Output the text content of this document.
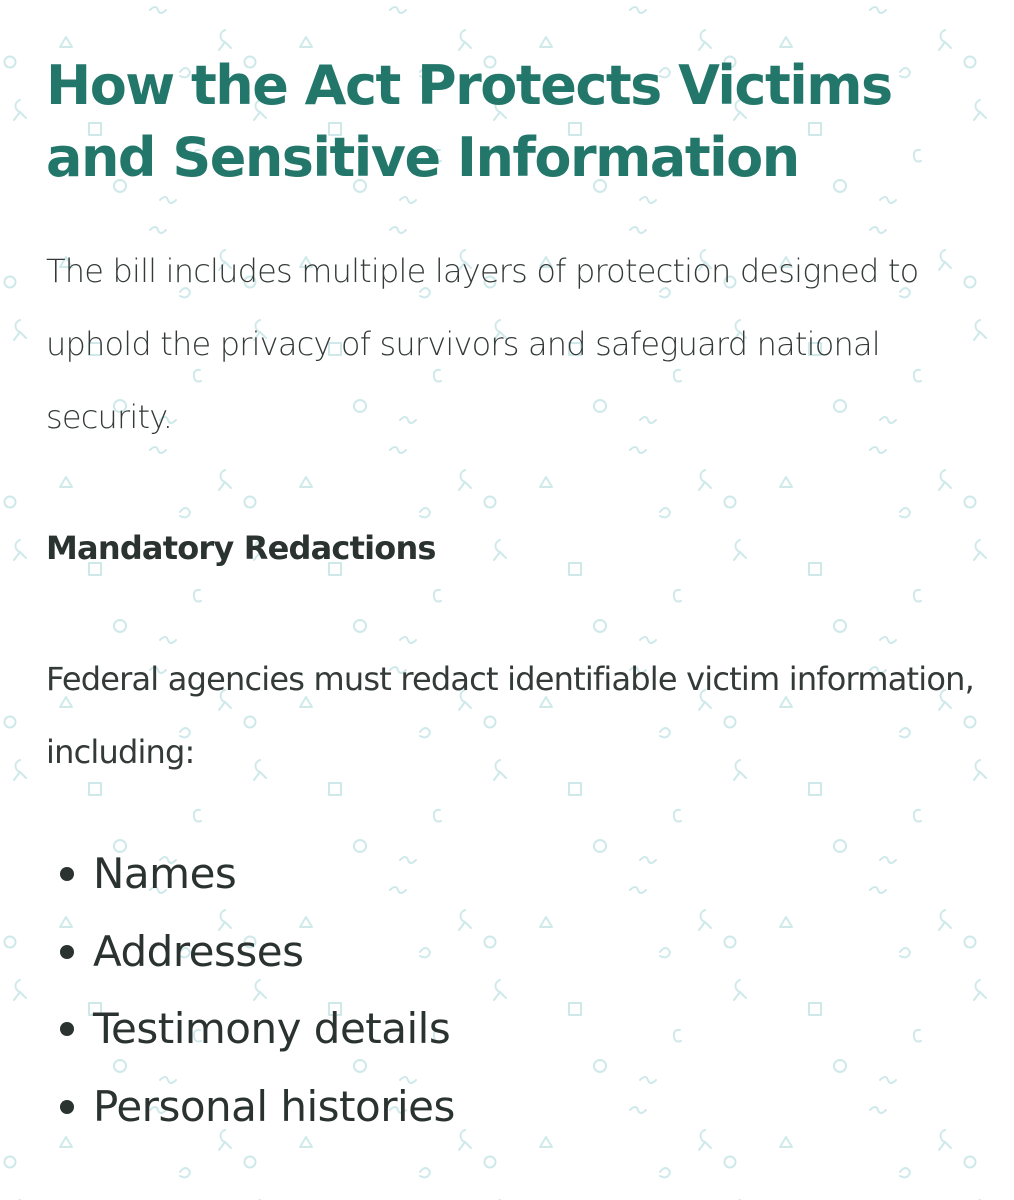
How the Act Protects Victims and Sensitive Information

The bill includes multiple layers of protection designed to uphold the privacy of survivors and safeguard national security.

Mandatory Redactions

Federal agencies must redact identifiable victim information, including:

Names
Addresses
Testimony details
Personal histories
